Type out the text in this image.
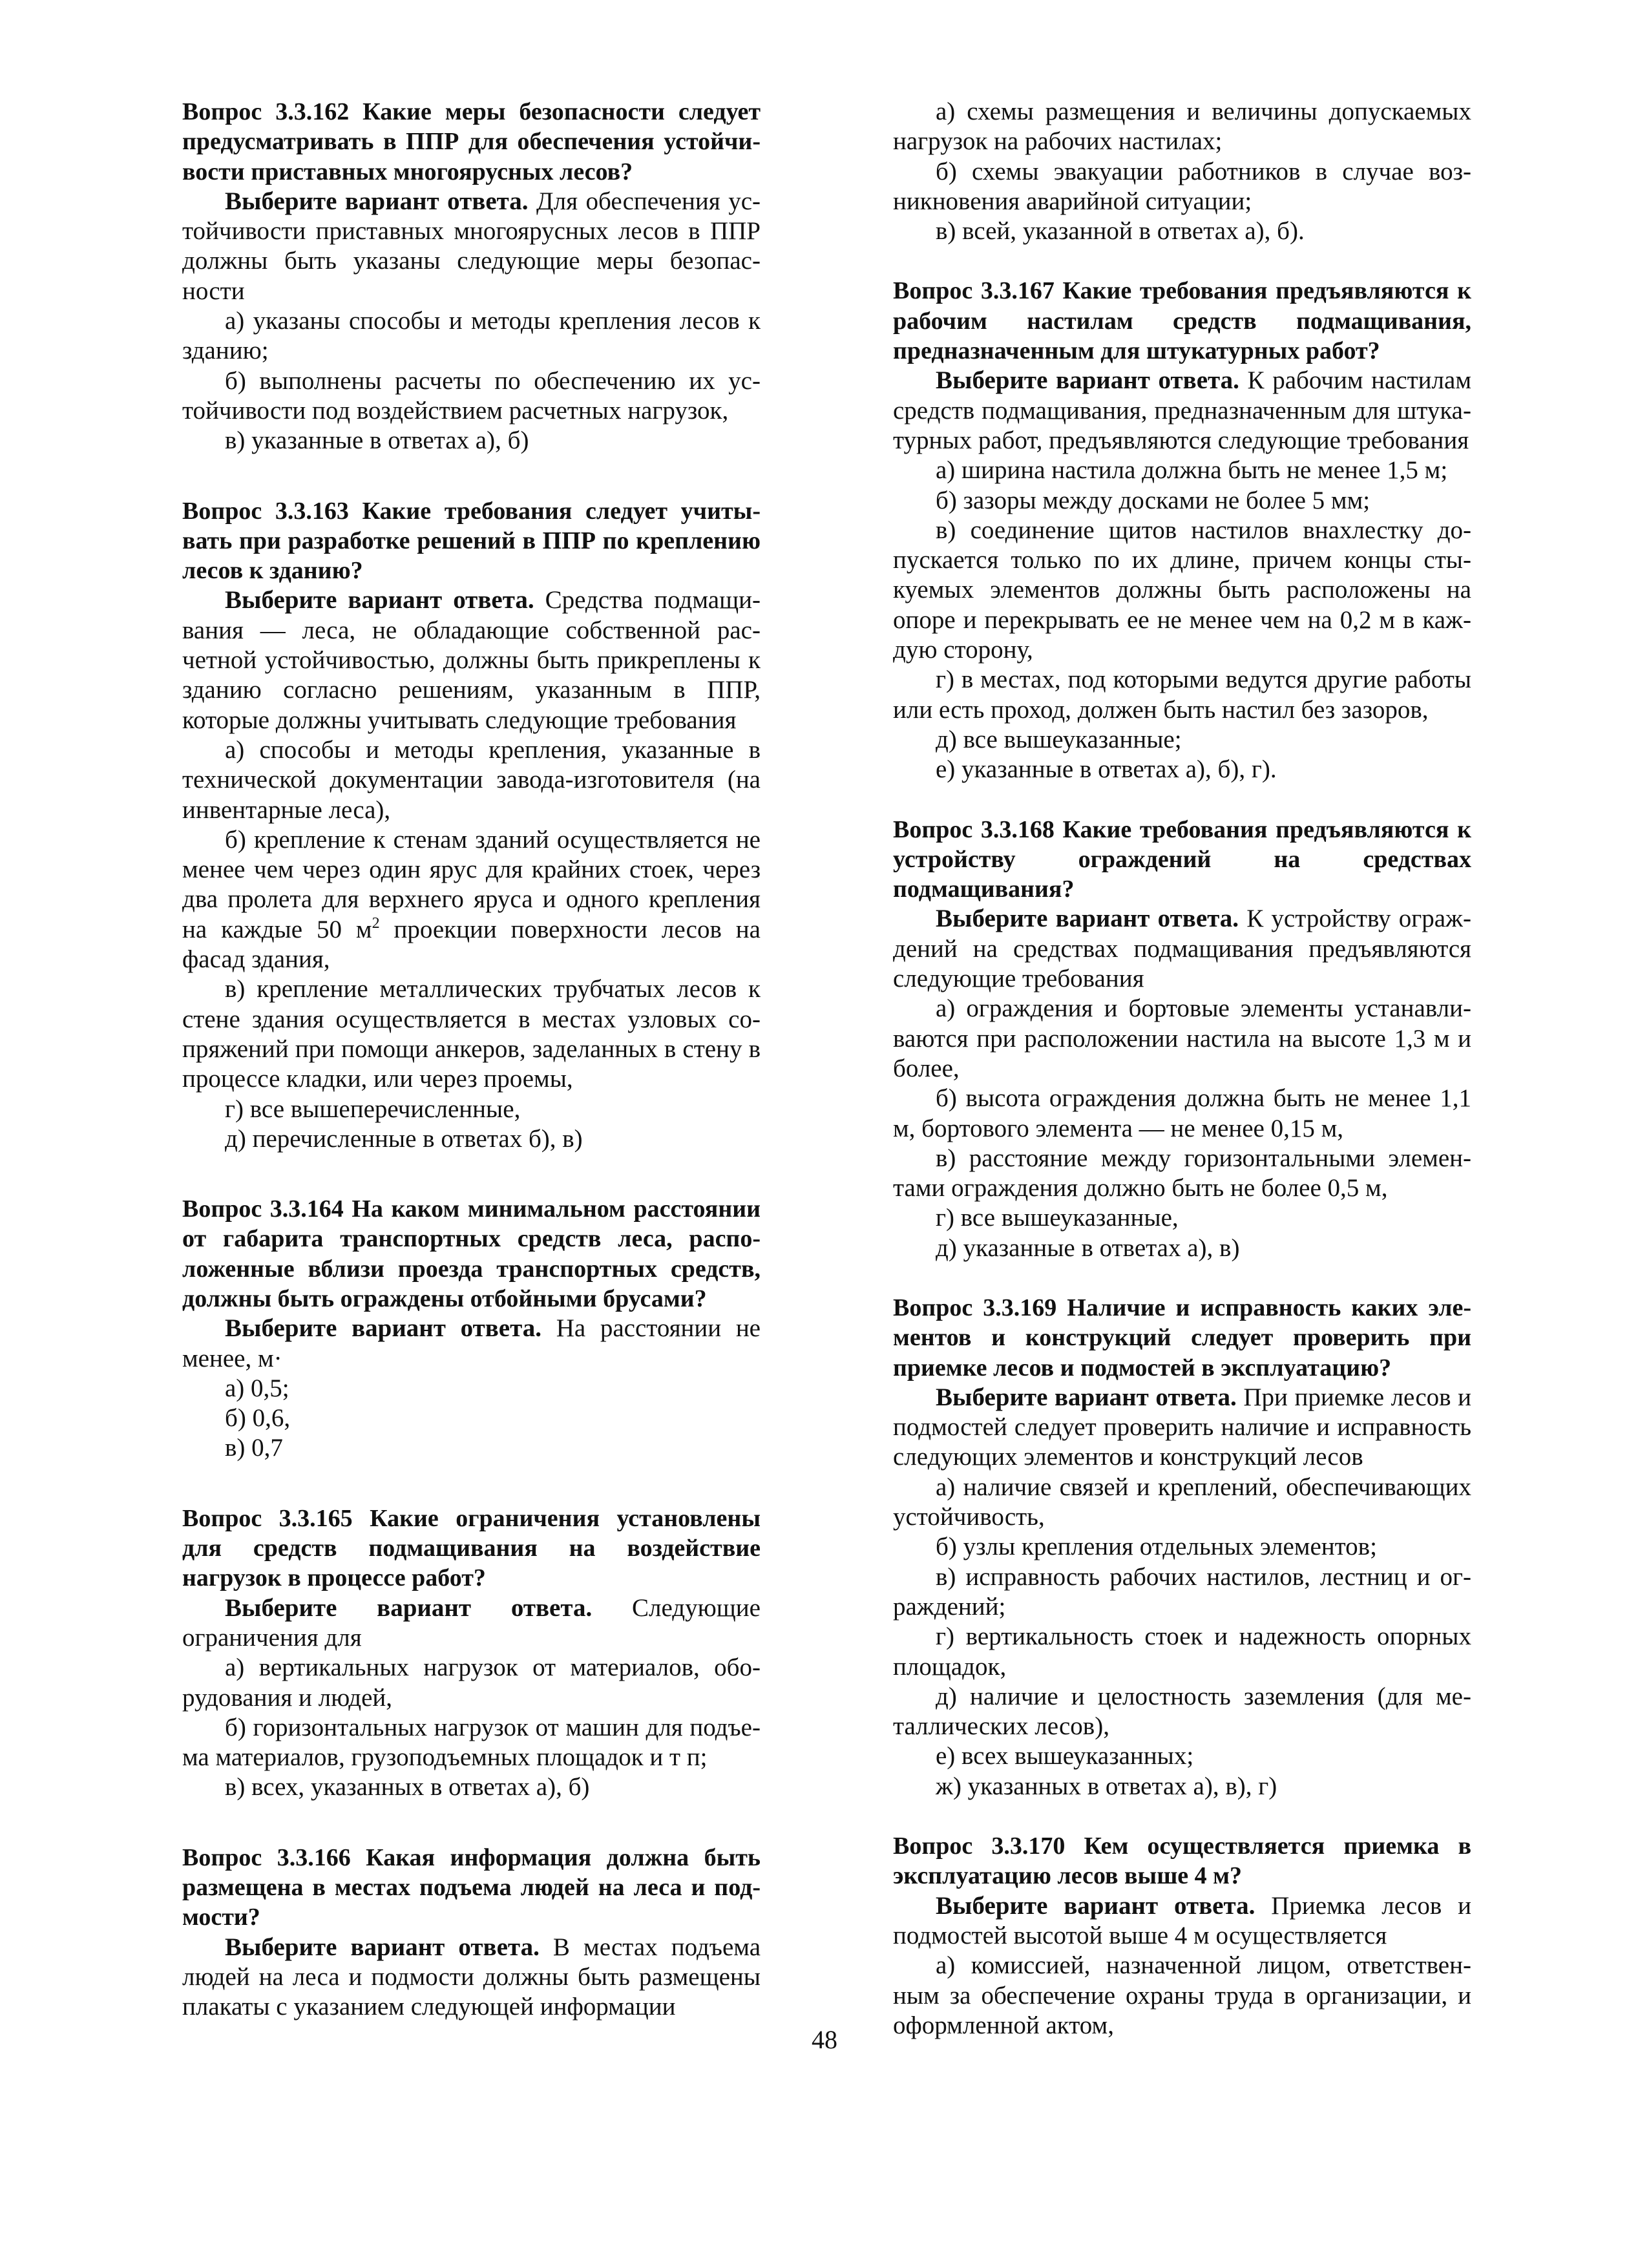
Вопрос 3.3.162 Какие меры безопасности следует предусматривать в ППР для обеспечения устойчивости приставных многоярусных лесов?

Выберите вариант ответа. Для обеспечения устойчивости приставных многоярусных лесов в ППР должны быть указаны следующие меры безопасности

а) указаны способы и методы крепления лесов к зданию;

б) выполнены расчеты по обеспечению их устойчивости под воздействием расчетных нагрузок,

в) указанные в ответах а), б)

Вопрос 3.3.163 Какие требования следует учитывать при разработке решений в ППР по креплению лесов к зданию?

Выберите вариант ответа. Средства подмащивания — леса, не обладающие собственной расчетной устойчивостью, должны быть прикреплены к зданию согласно решениям, указанным в ППР, которые должны учитывать следующие требования

а) способы и методы крепления, указанные в технической документации завода-изготовителя (на инвентарные леса),

б) крепление к стенам зданий осуществляется не менее чем через один ярус для крайних стоек, через два пролета для верхнего яруса и одного крепления на каждые 50 $м^2$ проекции поверхности лесов на фасад здания,

в) крепление металлических трубчатых лесов к стене здания осуществляется в местах узловых сопряжений при помощи анкеров, заделанных в стену в процессе кладки, или через проемы,

г) все вышеперечисленные,

д) перечисленные в ответах б), в)

Вопрос 3.3.164 На каком минимальном расстоянии от габарита транспортных средств леса, расположенные вблизи проезда транспортных средств, должны быть ограждены отбойными брусами?

Выберите вариант ответа. На расстоянии не менее, м·

а) 0,5;

б) 0,6,

в) 0,7

Вопрос 3.3.165 Какие ограничения установлены для средств подмащивания на воздействие нагрузок в процессе работ?

Выберите вариант ответа. Следующие ограничения для

а) вертикальных нагрузок от материалов, оборудования и людей,

б) горизонтальных нагрузок от машин для подъема материалов, грузоподъемных площадок и т п;

в) всех, указанных в ответах а), б)

Вопрос 3.3.166 Какая информация должна быть размещена в местах подъема людей на леса и подмости?

Выберите вариант ответа. В местах подъема людей на леса и подмости должны быть размещены плакаты с указанием следующей информации

а) схемы размещения и величины допускаемых нагрузок на рабочих настилах;

б) схемы эвакуации работников в случае возникновения аварийной ситуации;

в) всей, указанной в ответах а), б).

Вопрос 3.3.167 Какие требования предъявляются к рабочим настилам средств подмащивания, предназначенным для штукатурных работ?

Выберите вариант ответа. К рабочим настилам средств подмащивания, предназначенным для штукатурных работ, предъявляются следующие требования

а) ширина настила должна быть не менее 1,5 м;

б) зазоры между досками не более 5 мм;

в) соединение щитов настилов внахлестку допускается только по их длине, причем концы стыкуемых элементов должны быть расположены на опоре и перекрывать ее не менее чем на 0,2 м в каждую сторону,

г) в местах, под которыми ведутся другие работы или есть проход, должен быть настил без зазоров,

д) все вышеуказанные;

е) указанные в ответах а), б), г).

Вопрос 3.3.168 Какие требования предъявляются к устройству ограждений на средствах подмащивания?

Выберите вариант ответа. К устройству ограждений на средствах подмащивания предъявляются следующие требования

а) ограждения и бортовые элементы устанавливаются при расположении настила на высоте 1,3 м и более,

б) высота ограждения должна быть не менее 1,1 м, бортового элемента — не менее 0,15 м,

в) расстояние между горизонтальными элементами ограждения должно быть не более 0,5 м,

г) все вышеуказанные,

д) указанные в ответах а), в)

Вопрос 3.3.169 Наличие и исправность каких элементов и конструкций следует проверить при приемке лесов и подмостей в эксплуатацию?

Выберите вариант ответа. При приемке лесов и подмостей следует проверить наличие и исправность следующих элементов и конструкций лесов

а) наличие связей и креплений, обеспечивающих устойчивость,

б) узлы крепления отдельных элементов;

в) исправность рабочих настилов, лестниц и ограждений;

г) вертикальность стоек и надежность опорных площадок,

д) наличие и целостность заземления (для металлических лесов),

е) всех вышеуказанных;

ж) указанных в ответах а), в), г)

Вопрос 3.3.170 Кем осуществляется приемка в эксплуатацию лесов выше 4 м?

Выберите вариант ответа. Приемка лесов и подмостей высотой выше 4 м осуществляется

а) комиссией, назначенной лицом, ответственным за обеспечение охраны труда в организации, и оформленной актом,

48
